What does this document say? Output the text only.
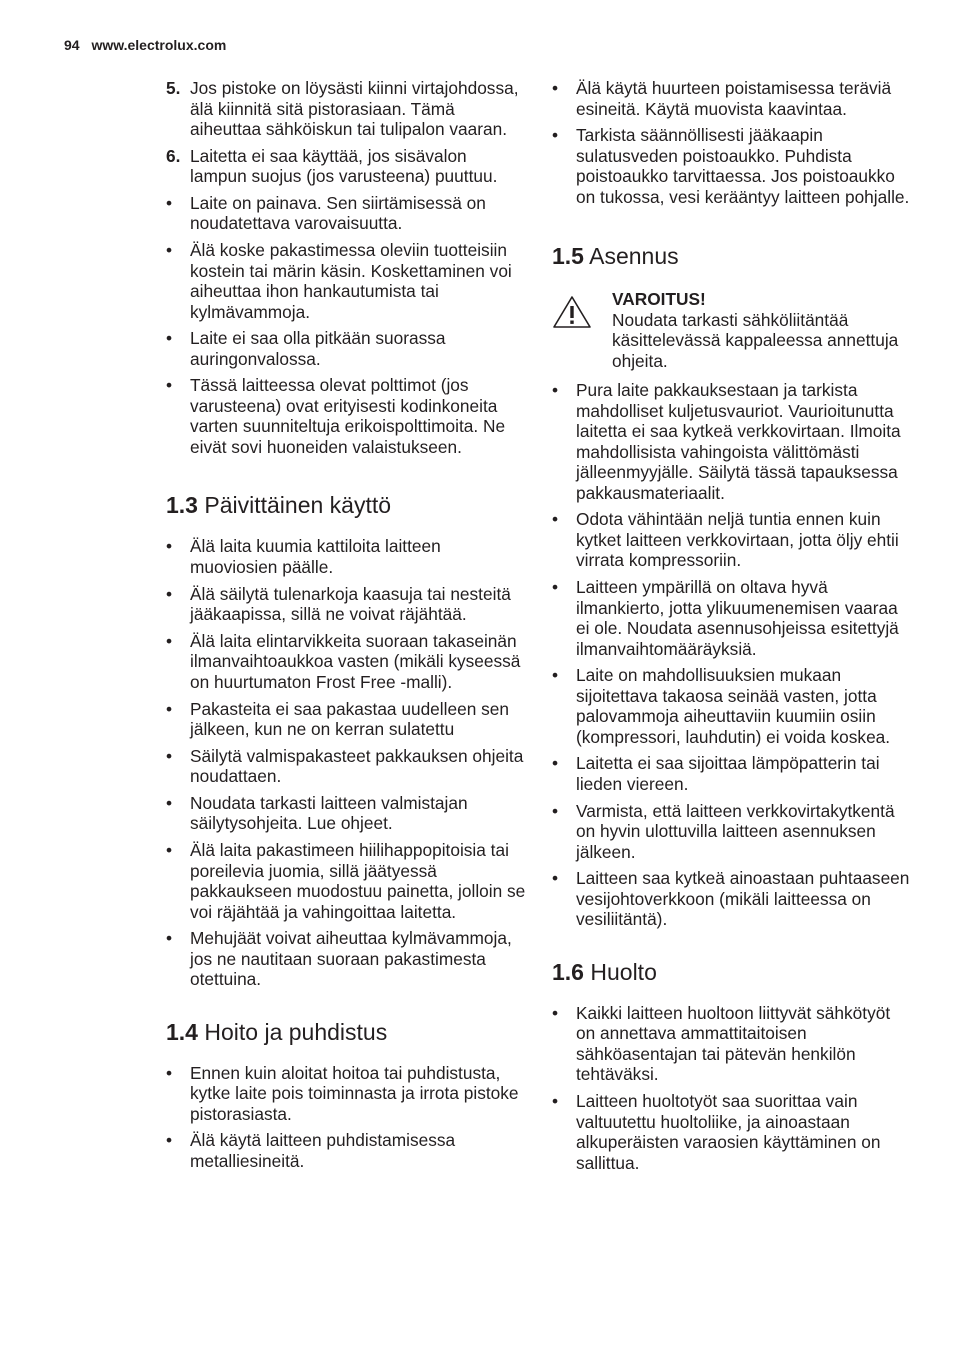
94 www.electrolux.com
5. Jos pistoke on löysästi kiinni virtajohdossa, älä kiinnitä sitä pistorasiaan. Tämä aiheuttaa sähköiskun tai tulipalon vaaran.
6. Laitetta ei saa käyttää, jos sisävalon lampun suojus (jos varusteena) puuttuu.
• Laite on painava. Sen siirtämisessä on noudatettava varovaisuutta.
• Älä koske pakastimessa oleviin tuotteisiin kostein tai märin käsin. Koskettaminen voi aiheuttaa ihon hankautumista tai kylmävammoja.
• Laite ei saa olla pitkään suorassa auringonvalossa.
• Tässä laitteessa olevat polttimot (jos varusteena) ovat erityisesti kodinkoneita varten suunniteltuja erikoispolttimoita. Ne eivät sovi huoneiden valaistukseen.
1.3 Päivittäinen käyttö
• Älä laita kuumia kattiloita laitteen muoviosien päälle.
• Älä säilytä tulenarkoja kaasuja tai nesteitä jääkaapissa, sillä ne voivat räjähtää.
• Älä laita elintarvikkeita suoraan takaseinän ilmanvaihtoaukkoa vasten (mikäli kyseessä on huurtumaton Frost Free -malli).
• Pakasteita ei saa pakastaa uudelleen sen jälkeen, kun ne on kerran sulatettu
• Säilytä valmispakasteet pakkauksen ohjeita noudattaen.
• Noudata tarkasti laitteen valmistajan säilytysohjeita. Lue ohjeet.
• Älä laita pakastimeen hiilihappopitoisia tai poreilevia juomia, sillä jäätyessä pakkaukseen muodostuu painetta, jolloin se voi räjähtää ja vahingoittaa laitetta.
• Mehujäät voivat aiheuttaa kylmävammoja, jos ne nautitaan suoraan pakastimesta otettuina.
1.4 Hoito ja puhdistus
• Ennen kuin aloitat hoitoa tai puhdistusta, kytke laite pois toiminnasta ja irrota pistoke pistorasiasta.
• Älä käytä laitteen puhdistamisessa metalliesineitä.
• Älä käytä huurteen poistamisessa teräviä esineitä. Käytä muovista kaavintaa.
• Tarkista säännöllisesti jääkaapin sulatusveden poistoaukko. Puhdista poistoaukko tarvittaessa. Jos poistoaukko on tukossa, vesi kerääntyy laitteen pohjalle.
1.5 Asennus
VAROITUS!
Noudata tarkasti sähköliitäntää käsittelevässä kappaleessa annettuja ohjeita.
• Pura laite pakkauksestaan ja tarkista mahdolliset kuljetusvauriot. Vaurioitunutta laitetta ei saa kytkeä verkkovirtaan. Ilmoita mahdollisista vahingoista välittömästi jälleenmyyjälle. Säilytä tässä tapauksessa pakkausmateriaalit.
• Odota vähintään neljä tuntia ennen kuin kytket laitteen verkkovirtaan, jotta öljy ehtii virrata kompressoriin.
• Laitteen ympärillä on oltava hyvä ilmankierto, jotta ylikuumenemisen vaaraa ei ole. Noudata asennusohjeissa esitettyjä ilmanvaihtomääräyksiä.
• Laite on mahdollisuuksien mukaan sijoitettava takaosa seinää vasten, jotta palovammoja aiheuttaviin kuumiin osiin (kompressori, lauhdutin) ei voida koskea.
• Laitetta ei saa sijoittaa lämpöpatterin tai lieden viereen.
• Varmista, että laitteen verkkovirtakytkentä on hyvin ulottuvilla laitteen asennuksen jälkeen.
• Laitteen saa kytkeä ainoastaan puhtaaseen vesijohtoverkkoon (mikäli laitteessa on vesiliitäntä).
1.6 Huolto
• Kaikki laitteen huoltoon liittyvät sähkötyöt on annettava ammattitaitoisen sähköasentajan tai pätevän henkilön tehtäväksi.
• Laitteen huoltotyöt saa suorittaa vain valtuutettu huoltoliike, ja ainoastaan alkuperäisten varaosien käyttäminen on sallittua.
